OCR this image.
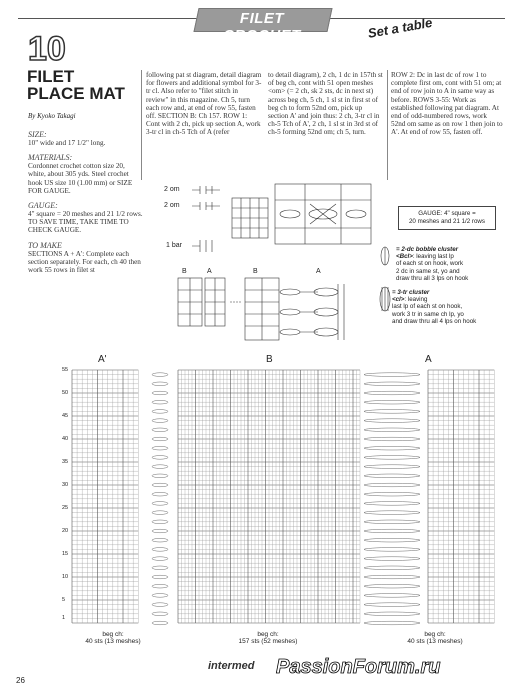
FILET CROCHET	Set a table
10
FILET
PLACE MAT
By Kyoko Takagi
SIZE:
10" wide and 17 1/2" long.
MATERIALS:
Cordonnet crochet cotton size 20, white, about 305 yds. Steel crochet hook US size 10 (1.00 mm) or SIZE FOR GAUGE.
GAUGE:
4" square = 20 meshes and 21 1/2 rows. TO SAVE TIME, TAKE TIME TO CHECK GAUGE.
TO MAKE
SECTIONS A + A': Complete each section separately. For each, ch 40 then work 55 rows in filet st
following pat st diagram, detail diagram for flowers and additional symbol for 3-tr cl. Also refer to "filet stitch in review" in this magazine. Ch 5, turn each row and, at end of row 55, fasten off. SECTION B: Ch 157. ROW 1: Cont with 2 ch, pick up section A, work 3-tr cl in ch-5 Tch of A (refer
to detail diagram), 2 ch, 1 dc in 157th st of beg ch, cont with 51 open meshes <om> (= 2 ch, sk 2 sts, dc in next st) across beg ch, 5 ch, 1 sl st in first st of beg ch to form 52nd om, pick up section A' and join thus: 2 ch, 3-tr cl in ch-5 Tch of A', 2 ch, 1 sl st in 3rd st of ch-5 forming 52nd om; ch 5, turn.
ROW 2: Dc in last dc of row 1 to complete first om, cont with 51 om; at end of row join to A in same way as before. ROWS 3-55: Work as established following pat diagram. At end of odd-numbered rows, work 52nd om same as on row 1 then join to A'. At end of row 55, fasten off.
2 om
2 om
1 bar
B	A	B	A
GAUGE: 4" square =
20 meshes and 21 1/2 rows
= 2-dc bobble cluster
<Bcl>: leaving last lp
of each st on hook, work
2 dc in same st, yo and
draw thru all 3 lps on hook
= 3-tr cluster
<cl>: leaving
last lp of each st on hook,
work 3 tr in same ch lp, yo
and draw thru all 4 lps on hook
A'	B	A
55
50
45
40
35
30
25
20
15
10
5
1
beg ch:
40 sts (13 meshes)
beg ch:
157 sts (52 meshes)
beg ch:
40 sts (13 meshes)
intermed PassionForum.ru
26
